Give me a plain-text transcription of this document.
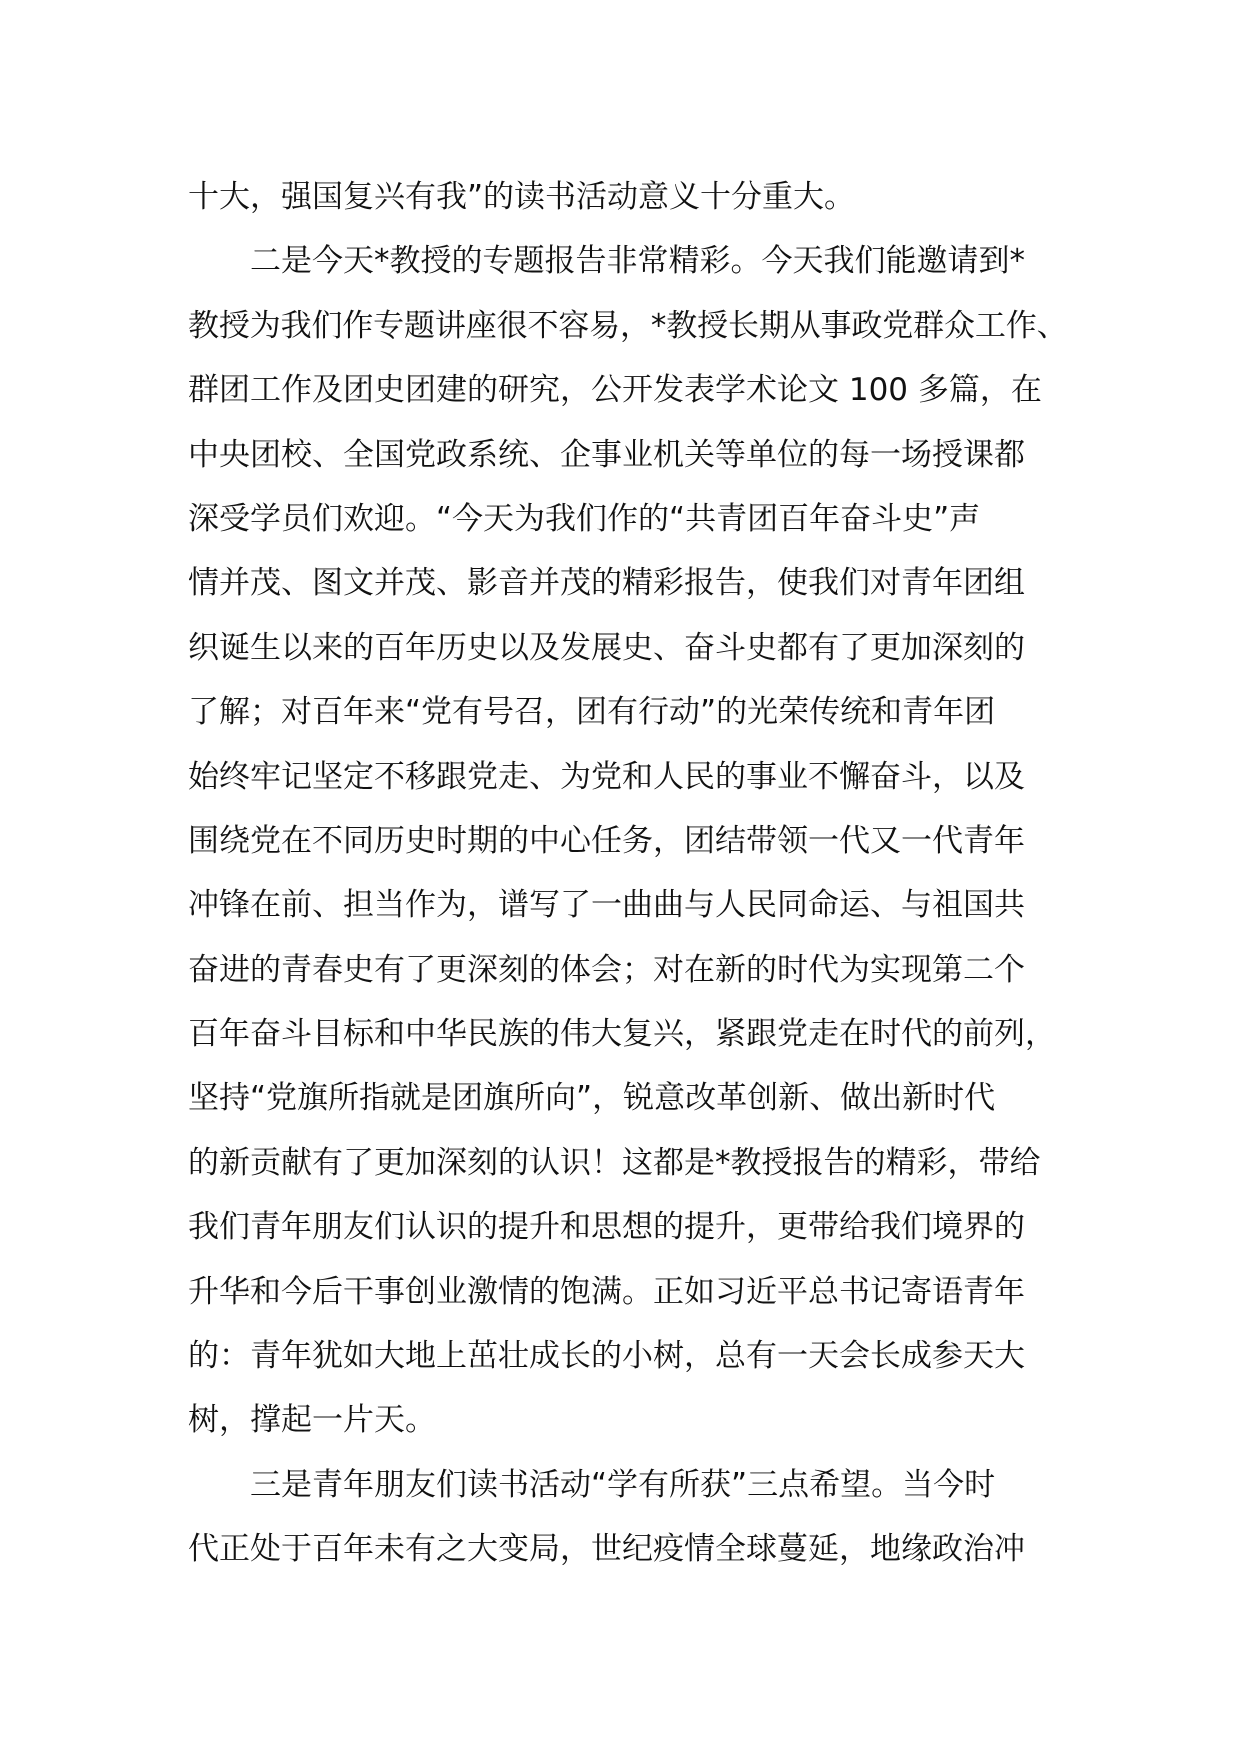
十大，强国复兴有我”的读书活动意义十分重大。
二是今天*教授的专题报告非常精彩。今天我们能邀请到*
教授为我们作专题讲座很不容易，*教授长期从事政党群众工作、
群团工作及团史团建的研究，公开发表学术论文 100 多篇，在
中央团校、全国党政系统、企事业机关等单位的每一场授课都
深受学员们欢迎。“今天为我们作的“共青团百年奋斗史”声
情并茂、图文并茂、影音并茂的精彩报告，使我们对青年团组
织诞生以来的百年历史以及发展史、奋斗史都有了更加深刻的
了解；对百年来“党有号召，团有行动”的光荣传统和青年团
始终牢记坚定不移跟党走、为党和人民的事业不懈奋斗，以及
围绕党在不同历史时期的中心任务，团结带领一代又一代青年
冲锋在前、担当作为，谱写了一曲曲与人民同命运、与祖国共
奋进的青春史有了更深刻的体会；对在新的时代为实现第二个
百年奋斗目标和中华民族的伟大复兴，紧跟党走在时代的前列，
坚持“党旗所指就是团旗所向”，锐意改革创新、做出新时代
的新贡献有了更加深刻的认识！这都是*教授报告的精彩，带给
我们青年朋友们认识的提升和思想的提升，更带给我们境界的
升华和今后干事创业激情的饱满。正如习近平总书记寄语青年
的：青年犹如大地上茁壮成长的小树，总有一天会长成参天大
树，撑起一片天。
三是青年朋友们读书活动“学有所获”三点希望。当今时
代正处于百年未有之大变局，世纪疫情全球蔓延，地缘政治冲
